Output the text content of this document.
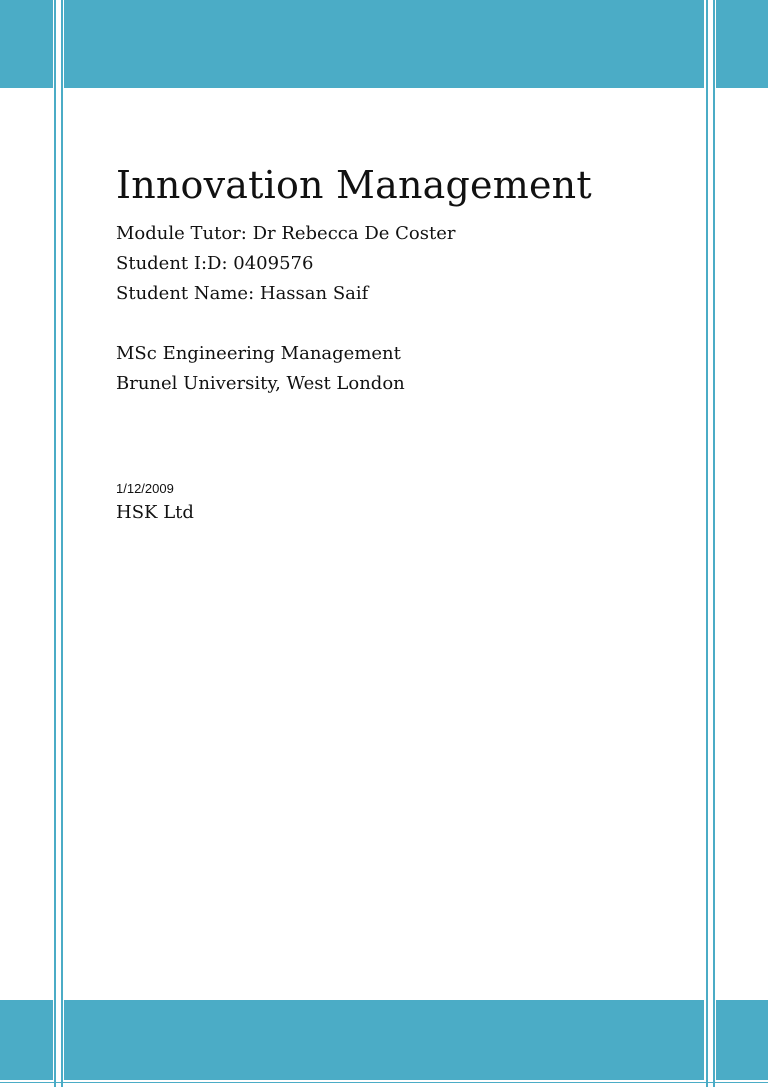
Innovation Management

Module Tutor: Dr Rebecca De Coster

Student I:D: 0409576

Student Name: Hassan Saif

MSc Engineering Management

Brunel University, West London

1/12/2009

HSK Ltd
